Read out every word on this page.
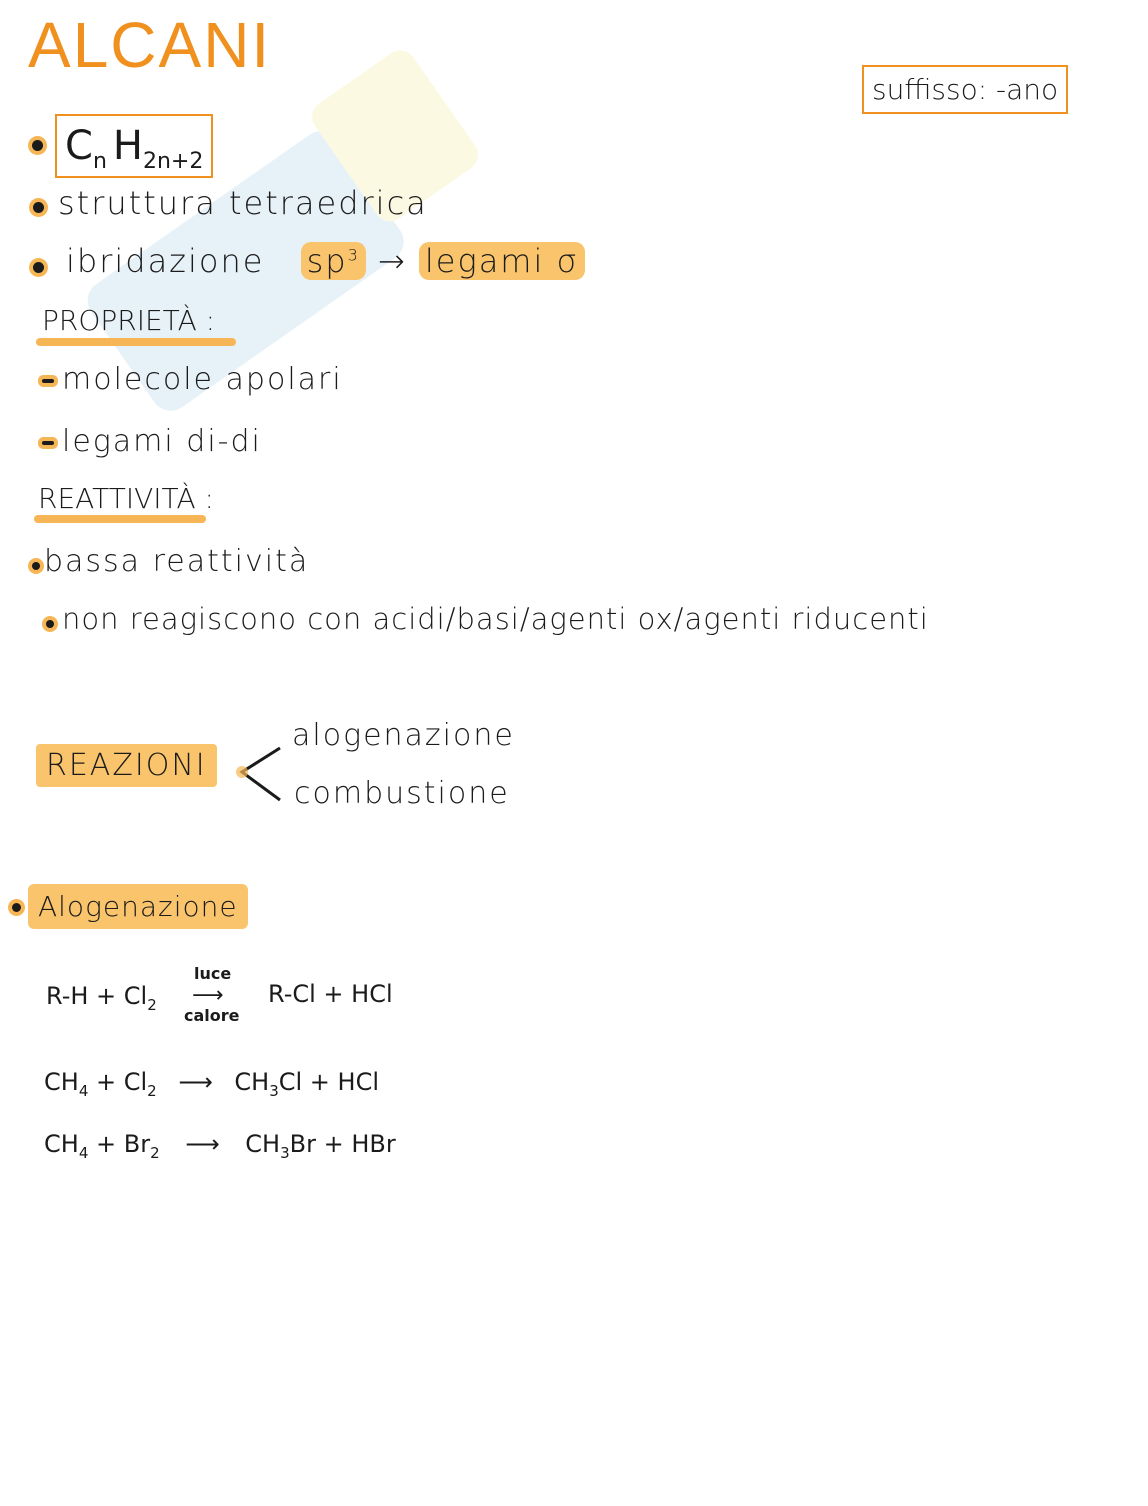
ALCANI
suffisso: -ano
$C_n$ $H_{2n+2}$
struttura tetraedrica
ibridazione $sp^3$ → legami σ
PROPRIETÀ :
molecole apolari
legami di-di
REATTIVITÀ :
bassa reattività
non reagiscono con acidi/basi/agenti ox/agenti riducenti
REAZIONI
alogenazione
combustione
Alogenazione
$R-H + Cl_2$
luce
⟶
calore
R-Cl + HCl
$CH_4 + Cl_2$ ⟶ $CH_3Cl$ + HCl
$CH_4 + Br_2$ ⟶ $CH_3Br$ + HBr
